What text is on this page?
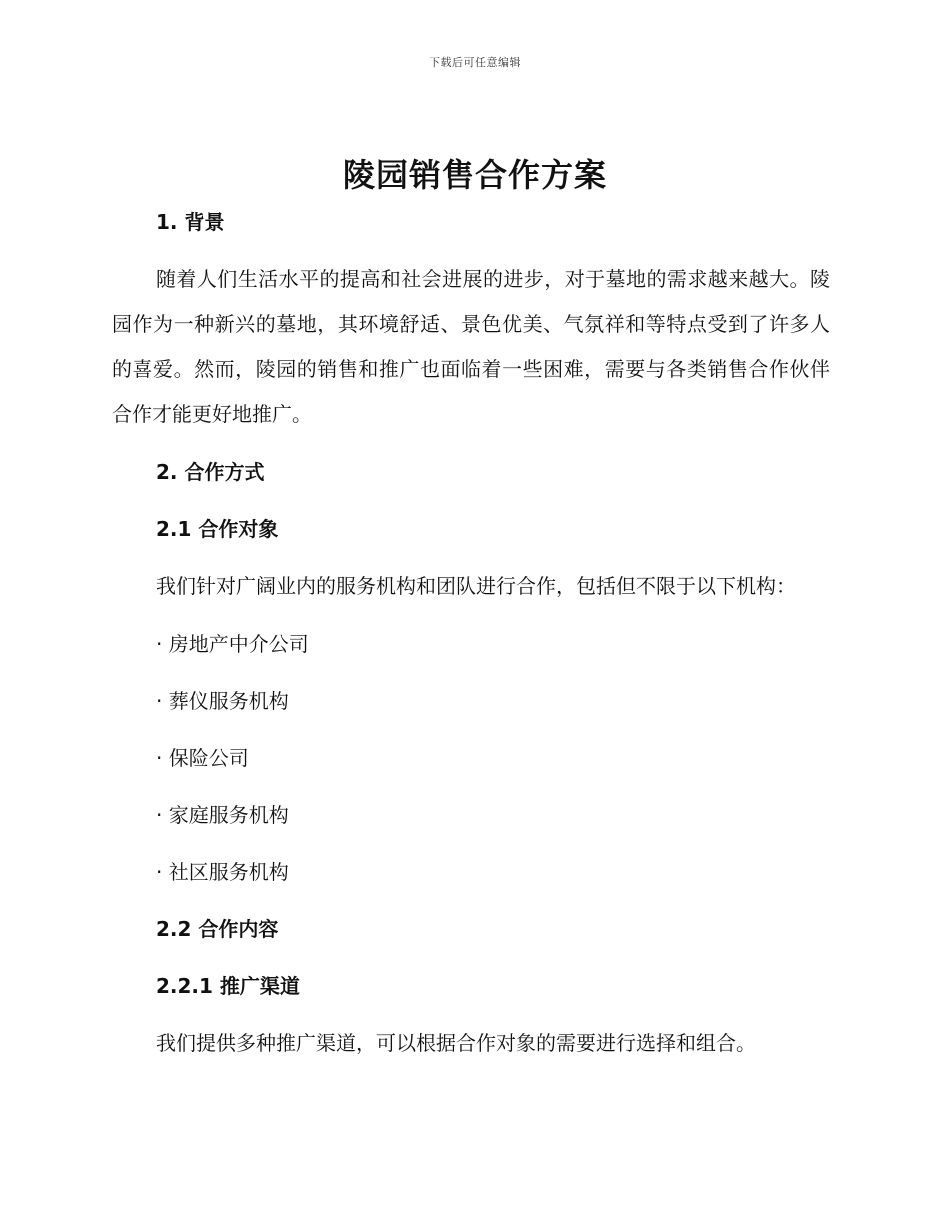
下载后可任意编辑
陵园销售合作方案
1. 背景

随着人们生活水平的提高和社会进展的进步，对于墓地的需求越来越大。陵园作为一种新兴的墓地，其环境舒适、景色优美、气氛祥和等特点受到了许多人的喜爱。然而，陵园的销售和推广也面临着一些困难，需要与各类销售合作伙伴合作才能更好地推广。

2. 合作方式
2.1 合作对象

我们针对广阔业内的服务机构和团队进行合作，包括但不限于以下机构：

· 房地产中介公司
· 葬仪服务机构
· 保险公司
· 家庭服务机构
· 社区服务机构
2.2 合作内容
2.2.1 推广渠道

我们提供多种推广渠道，可以根据合作对象的需要进行选择和组合。
